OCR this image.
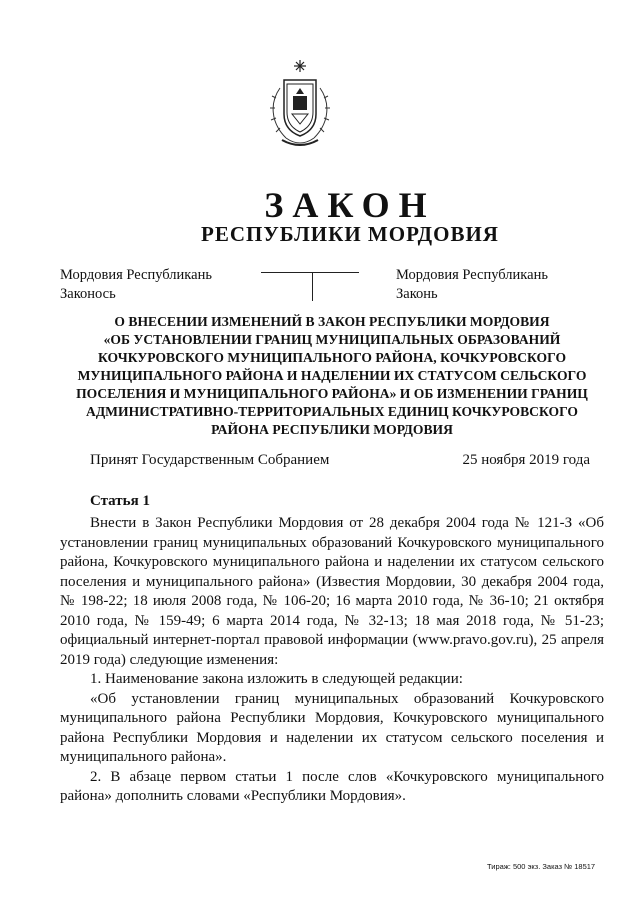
ЗАКОН
РЕСПУБЛИКИ МОРДОВИЯ
Мордовия Республикань
Законось
Мордовия Республикань
Законь
О ВНЕСЕНИИ ИЗМЕНЕНИЙ В ЗАКОН РЕСПУБЛИКИ МОРДОВИЯ
«ОБ УСТАНОВЛЕНИИ ГРАНИЦ МУНИЦИПАЛЬНЫХ ОБРАЗОВАНИЙ
КОЧКУРОВСКОГО МУНИЦИПАЛЬНОГО РАЙОНА, КОЧКУРОВСКОГО
МУНИЦИПАЛЬНОГО РАЙОНА И НАДЕЛЕНИИ ИХ СТАТУСОМ СЕЛЬСКОГО
ПОСЕЛЕНИЯ И МУНИЦИПАЛЬНОГО РАЙОНА» И ОБ ИЗМЕНЕНИИ ГРАНИЦ
АДМИНИСТРАТИВНО-ТЕРРИТОРИАЛЬНЫХ ЕДИНИЦ КОЧКУРОВСКОГО
РАЙОНА РЕСПУБЛИКИ МОРДОВИЯ
Принят Государственным Собранием	25 ноября 2019 года
Статья 1

Внести в Закон Республики Мордовия от 28 декабря 2004 года № 121-З «Об установлении границ муниципальных образований Кочкуровского муниципального района, Кочкуровского муниципального района и наделении их статусом сельского поселения и муниципального района» (Известия Мордовии, 30 декабря 2004 года, № 198-22; 18 июля 2008 года, № 106-20; 16 марта 2010 года, № 36-10; 21 октября 2010 года, № 159-49; 6 марта 2014 года, № 32-13; 18 мая 2018 года, № 51-23; официальный интернет-портал правовой информации (www.pravo.gov.ru), 25 апреля 2019 года) следующие изменения:

1. Наименование закона изложить в следующей редакции:

«Об установлении границ муниципальных образований Кочкуровского муниципального района Республики Мордовия, Кочкуровского муниципального района Республики Мордовия и наделении их статусом сельского поселения и муниципального района».

2. В абзаце первом статьи 1 после слов «Кочкуровского муниципального района» дополнить словами «Республики Мордовия».

Тираж: 500 экз. Заказ № 18517
